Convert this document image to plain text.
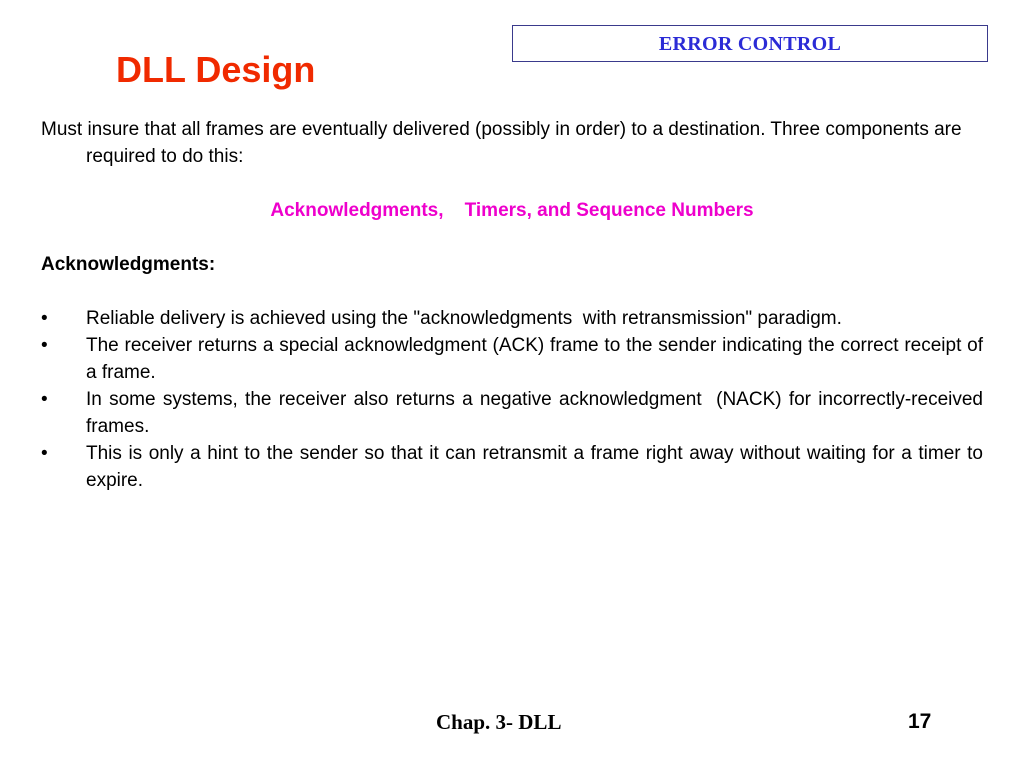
ERROR CONTROL
DLL Design

Must insure that all frames are eventually delivered (possibly in order) to a destination. Three components are required to do this:

Acknowledgments,    Timers, and Sequence Numbers

Acknowledgments:

•	Reliable delivery is achieved using the "acknowledgments  with retransmission" paradigm.
•	The receiver returns a special acknowledgment (ACK) frame to the sender indicating the correct receipt of a frame.
•	In some systems, the receiver also returns a negative acknowledgment  (NACK) for incorrectly-received frames.
•	This is only a hint to the sender so that it can retransmit a frame right away without waiting for a timer to expire.
Chap. 3- DLL	17
